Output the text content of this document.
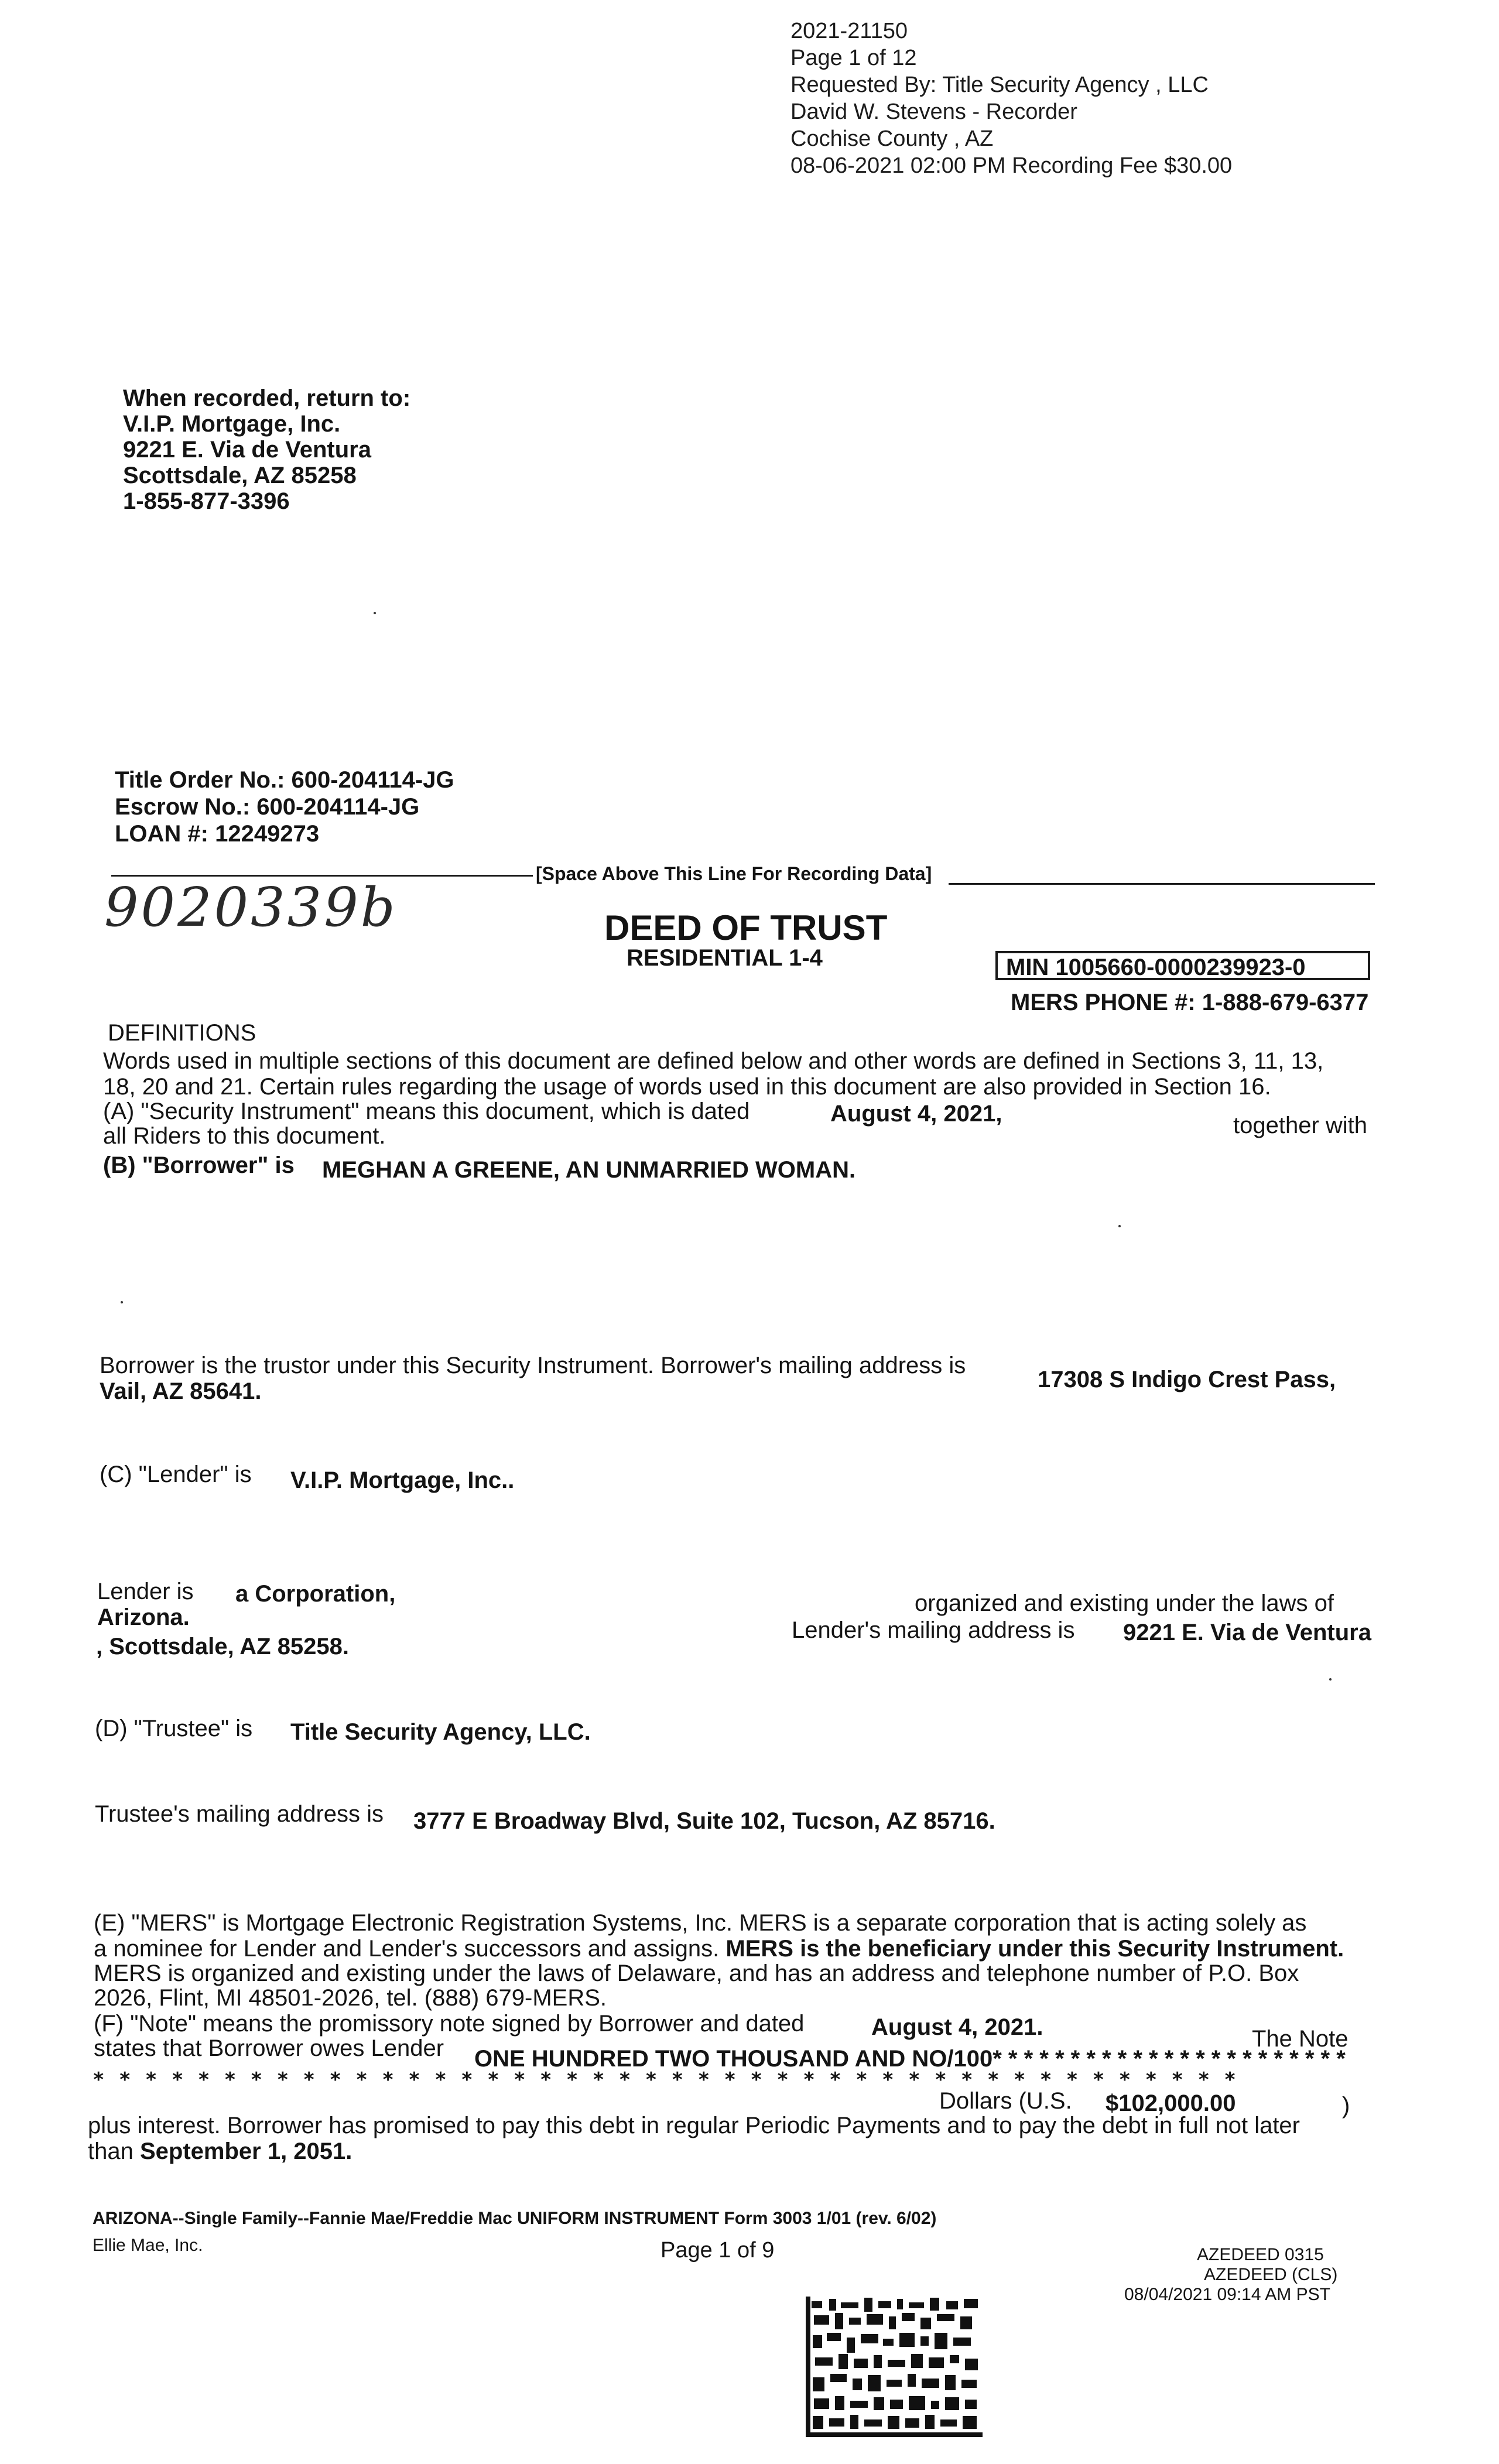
2021-21150
Page 1 of 12
Requested By: Title Security Agency , LLC
David W. Stevens - Recorder
Cochise County , AZ
08-06-2021 02:00 PM Recording Fee $30.00
When recorded, return to:
V.I.P. Mortgage, Inc.
9221 E. Via de Ventura
Scottsdale, AZ 85258
1-855-877-3396
Title Order No.: 600-204114-JG
Escrow No.: 600-204114-JG
LOAN #: 12249273
[Space Above This Line For Recording Data]
9020339b	DEED OF TRUST
RESIDENTIAL 1-4	MIN 1005660-0000239923-0
MERS PHONE #: 1-888-679-6377
DEFINITIONS
Words used in multiple sections of this document are defined below and other words are defined in Sections 3, 11, 13,
18, 20 and 21. Certain rules regarding the usage of words used in this document are also provided in Section 16.
(A) "Security Instrument" means this document, which is dated	August 4, 2021,	together with
all Riders to this document.
(B) "Borrower" is MEGHAN A GREENE, AN UNMARRIED WOMAN.
Borrower is the trustor under this Security Instrument. Borrower's mailing address is
17308 S Indigo Crest Pass,
Vail, AZ 85641.
(C) "Lender" is V.I.P. Mortgage, Inc..
Lender is a Corporation,	organized and existing under the laws of
Arizona.	Lender's mailing address is 9221 E. Via de Ventura
, Scottsdale, AZ 85258.
(D) "Trustee" is Title Security Agency, LLC.
Trustee's mailing address is 3777 E Broadway Blvd, Suite 102, Tucson, AZ 85716.
(E) "MERS" is Mortgage Electronic Registration Systems, Inc. MERS is a separate corporation that is acting solely as
a nominee for Lender and Lender's successors and assigns. MERS is the beneficiary under this Security Instrument.
MERS is organized and existing under the laws of Delaware, and has an address and telephone number of P.O. Box
2026, Flint, MI 48501-2026, tel. (888) 679-MERS.
(F) "Note" means the promissory note signed by Borrower and dated	August 4, 2021.	The Note
states that Borrower owes Lender ONE HUNDRED TWO THOUSAND AND NO/100* * * * * * * * * * * * * * * * * * * * * * *
* * * * * * * * * * * * * * * * * * * * * * * * * * * * * * * * * * * * * * * * * * * *
Dollars (U.S. $102,000.00	)
plus interest. Borrower has promised to pay this debt in regular Periodic Payments and to pay the debt in full not later
than September 1, 2051.
ARIZONA--Single Family--Fannie Mae/Freddie Mac UNIFORM INSTRUMENT Form 3003 1/01 (rev. 6/02)
Ellie Mae, Inc.	Page 1 of 9	AZEDEED 0315
AZEDEED (CLS)
08/04/2021 09:14 AM PST
